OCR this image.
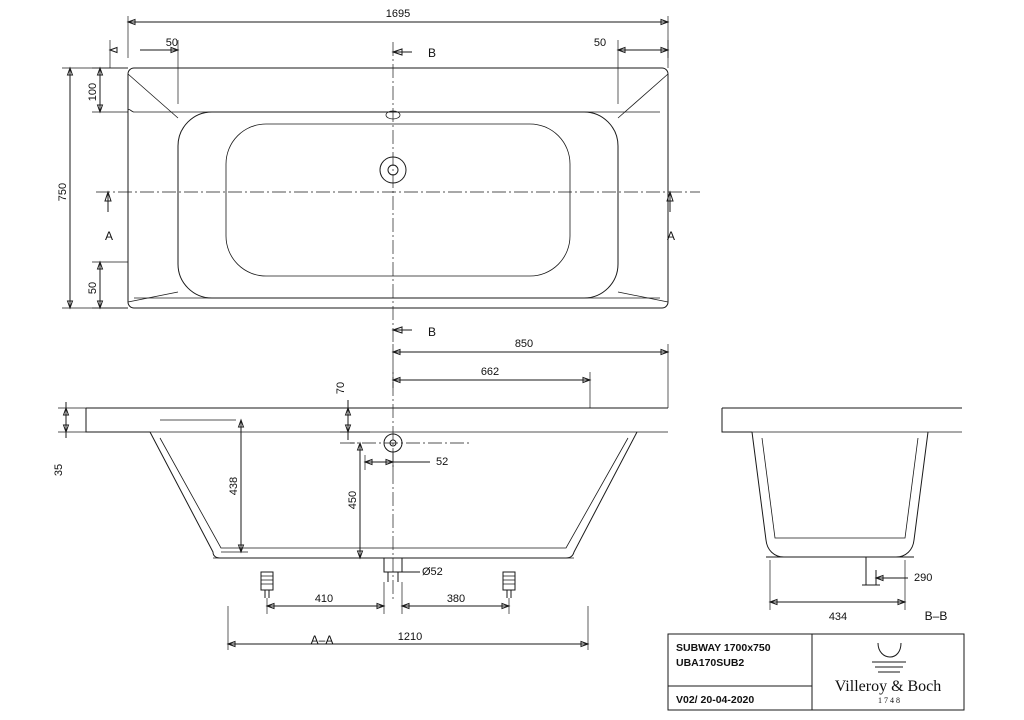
1695
50	50
100
750
50
B
B
A	A
35
850
662
70
52
438
450
Ø52
410	380
1210
A–A
290
434	B–B
SUBWAY 1700x750
UBA170SUB2
V02/ 20-04-2020
Villeroy & Boch
1748
